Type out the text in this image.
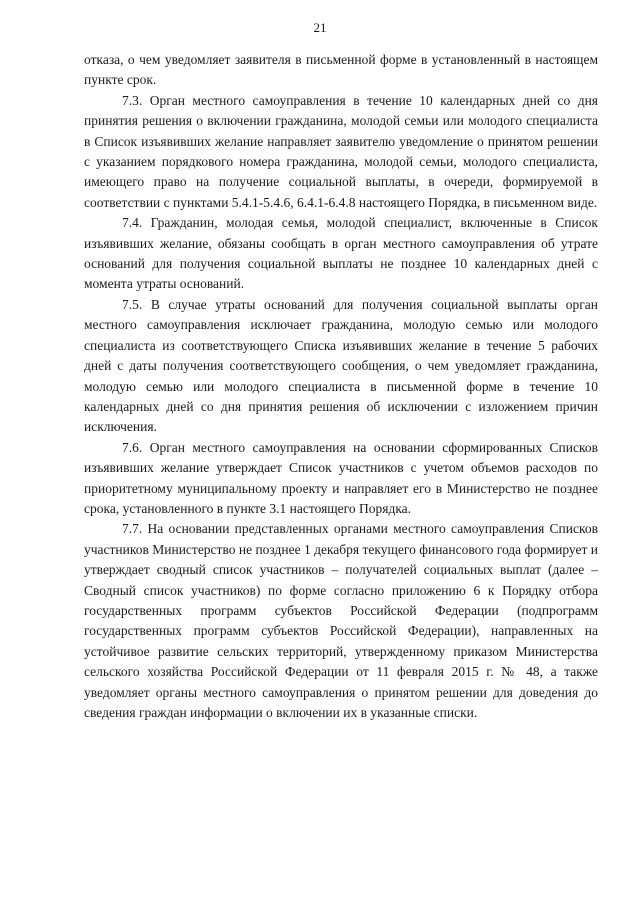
21

отказа, о чем уведомляет заявителя в письменной форме в установленный в настоящем пункте срок.

7.3. Орган местного самоуправления в течение 10 календарных дней со дня принятия решения о включении гражданина, молодой семьи или молодого специалиста в Список изъявивших желание направляет заявителю уведомление о принятом решении с указанием порядкового номера гражданина, молодой семьи, молодого специалиста, имеющего право на получение социальной выплаты, в очереди, формируемой в соответствии с пунктами 5.4.1-5.4.6, 6.4.1-6.4.8 настоящего Порядка, в письменном виде.

7.4. Гражданин, молодая семья, молодой специалист, включенные в Список изъявивших желание, обязаны сообщать в орган местного самоуправления об утрате оснований для получения социальной выплаты не позднее 10 календарных дней с момента утраты оснований.

7.5. В случае утраты оснований для получения социальной выплаты орган местного самоуправления исключает гражданина, молодую семью или молодого специалиста из соответствующего Списка изъявивших желание в течение 5 рабочих дней с даты получения соответствующего сообщения, о чем уведомляет гражданина, молодую семью или молодого специалиста в письменной форме в течение 10 календарных дней со дня принятия решения об исключении с изложением причин исключения.

7.6. Орган местного самоуправления на основании сформированных Списков изъявивших желание утверждает Список участников с учетом объемов расходов по приоритетному муниципальному проекту и направляет его в Министерство не позднее срока, установленного в пункте 3.1 настоящего Порядка.

7.7. На основании представленных органами местного самоуправления Списков участников Министерство не позднее 1 декабря текущего финансового года формирует и утверждает сводный список участников – получателей социальных выплат (далее – Сводный список участников) по форме согласно приложению 6 к Порядку отбора государственных программ субъектов Российской Федерации (подпрограмм государственных программ субъектов Российской Федерации), направленных на устойчивое развитие сельских территорий, утвержденному приказом Министерства сельского хозяйства Российской Федерации от 11 февраля 2015 г. № 48, а также уведомляет органы местного самоуправления о принятом решении для доведения до сведения граждан информации о включении их в указанные списки.
